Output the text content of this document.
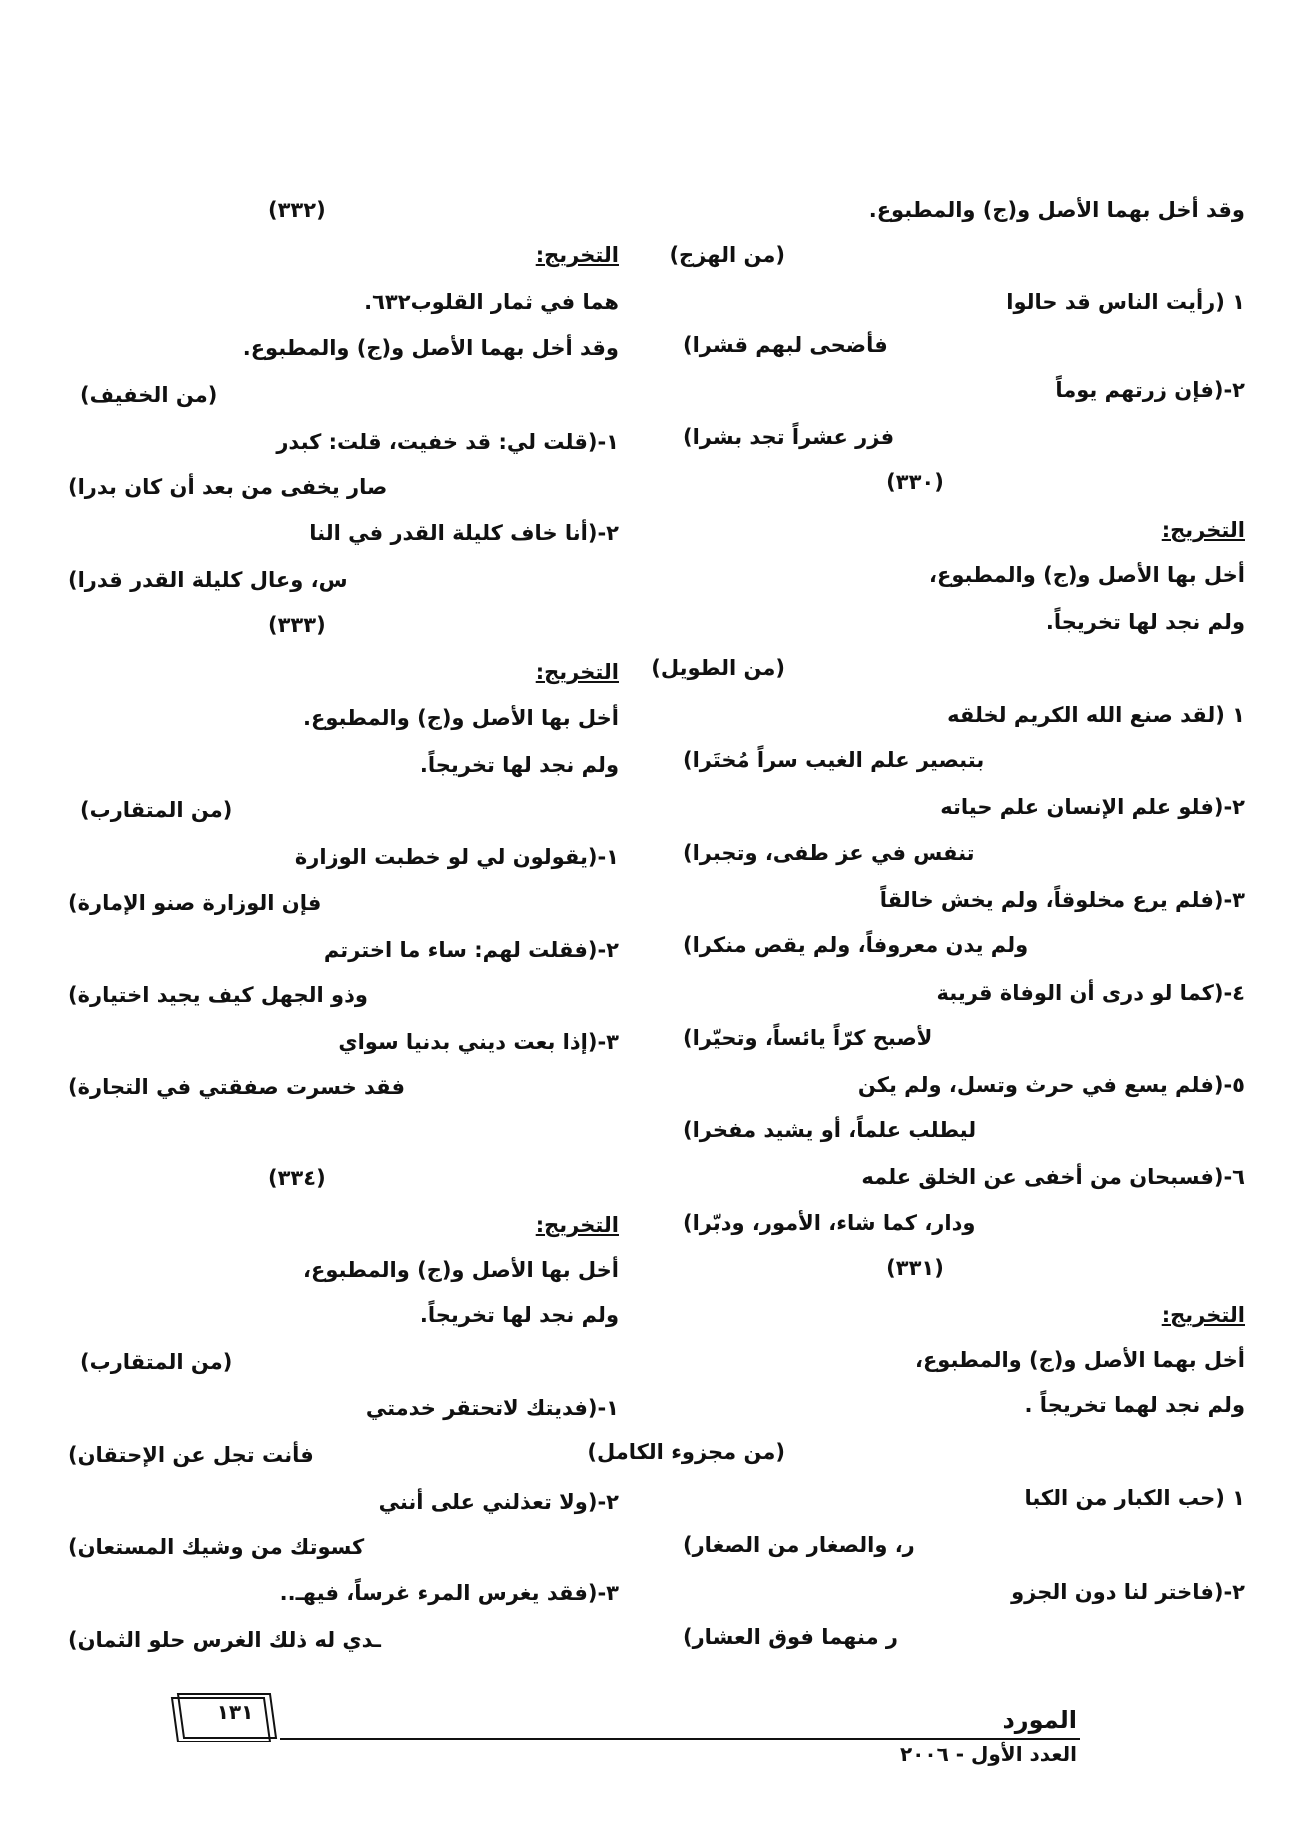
وقد أخل بهما الأصل و(ج) والمطبوع.
(من الهزج)
١ (رأيت الناس قد حالوا
فأضحى لبهم قشرا)
٢-(فإن زرتهم يوماً
فزر عشراً تجد بشرا)
(٣٣٠)
التخريج:
أخل بها الأصل و(ج) والمطبوع،
ولم نجد لها تخريجاً.
(من الطويل)
١ (لقد صنع الله الكريم لخلقه
بتبصير علم الغيب سراً مُختَرا)
٢-(فلو علم الإنسان علم حياته
تنفس في عز طفى، وتجبرا)
٣-(فلم يرع مخلوقاً، ولم يخش خالقاً
ولم يدن معروفاً، ولم يقص منكرا)
٤-(كما لو درى أن الوفاة قريبة
لأصبح كرّاً يائساً، وتحيّرا)
٥-(فلم يسع في حرث وتسل، ولم يكن
ليطلب علماً، أو يشيد مفخرا)
٦-(فسبحان من أخفى عن الخلق علمه
ودار، كما شاء، الأمور، ودبّرا)
(٣٣١)
التخريج:
أخل بهما الأصل و(ج) والمطبوع،
ولم نجد لهما تخريجاً .
(من مجزوء الكامل)
١ (حب الكبار من الكبا
ر، والصغار من الصغار)
٢-(فاختر لنا دون الجزو
ر منهما فوق العشار)
(٣٣٢)
التخريج:
هما في ثمار القلوب٦٣٢.
وقد أخل بهما الأصل و(ج) والمطبوع.
(من الخفيف)
١-(قلت لي: قد خفيت، قلت: كبدر
صار يخفى من بعد أن كان بدرا)
٢-(أنا خاف كليلة القدر في النا
س، وعال كليلة القدر قدرا)
(٣٣٣)
التخريج:
أخل بها الأصل و(ج) والمطبوع.
ولم نجد لها تخريجاً.
(من المتقارب)
١-(يقولون لي لو خطبت الوزارة
فإن الوزارة صنو الإمارة)
٢-(فقلت لهم: ساء ما اخترتم
وذو الجهل كيف يجيد اختيارة)
٣-(إذا بعت ديني بدنيا سواي
فقد خسرت صفقتي في التجارة)
(٣٣٤)
التخريج:
أخل بها الأصل و(ج) والمطبوع،
ولم نجد لها تخريجاً.
(من المتقارب)
١-(فديتك لاتحتقر خدمتي
فأنت تجل عن الإحتقان)
٢-(ولا تعذلني على أنني
كسوتك من وشيك المستعان)
٣-(فقد يغرس المرء غرساً، فيهـ..
ـدي له ذلك الغرس حلو الثمان)
١٣١	المورد
العدد الأول - ٢٠٠٦
